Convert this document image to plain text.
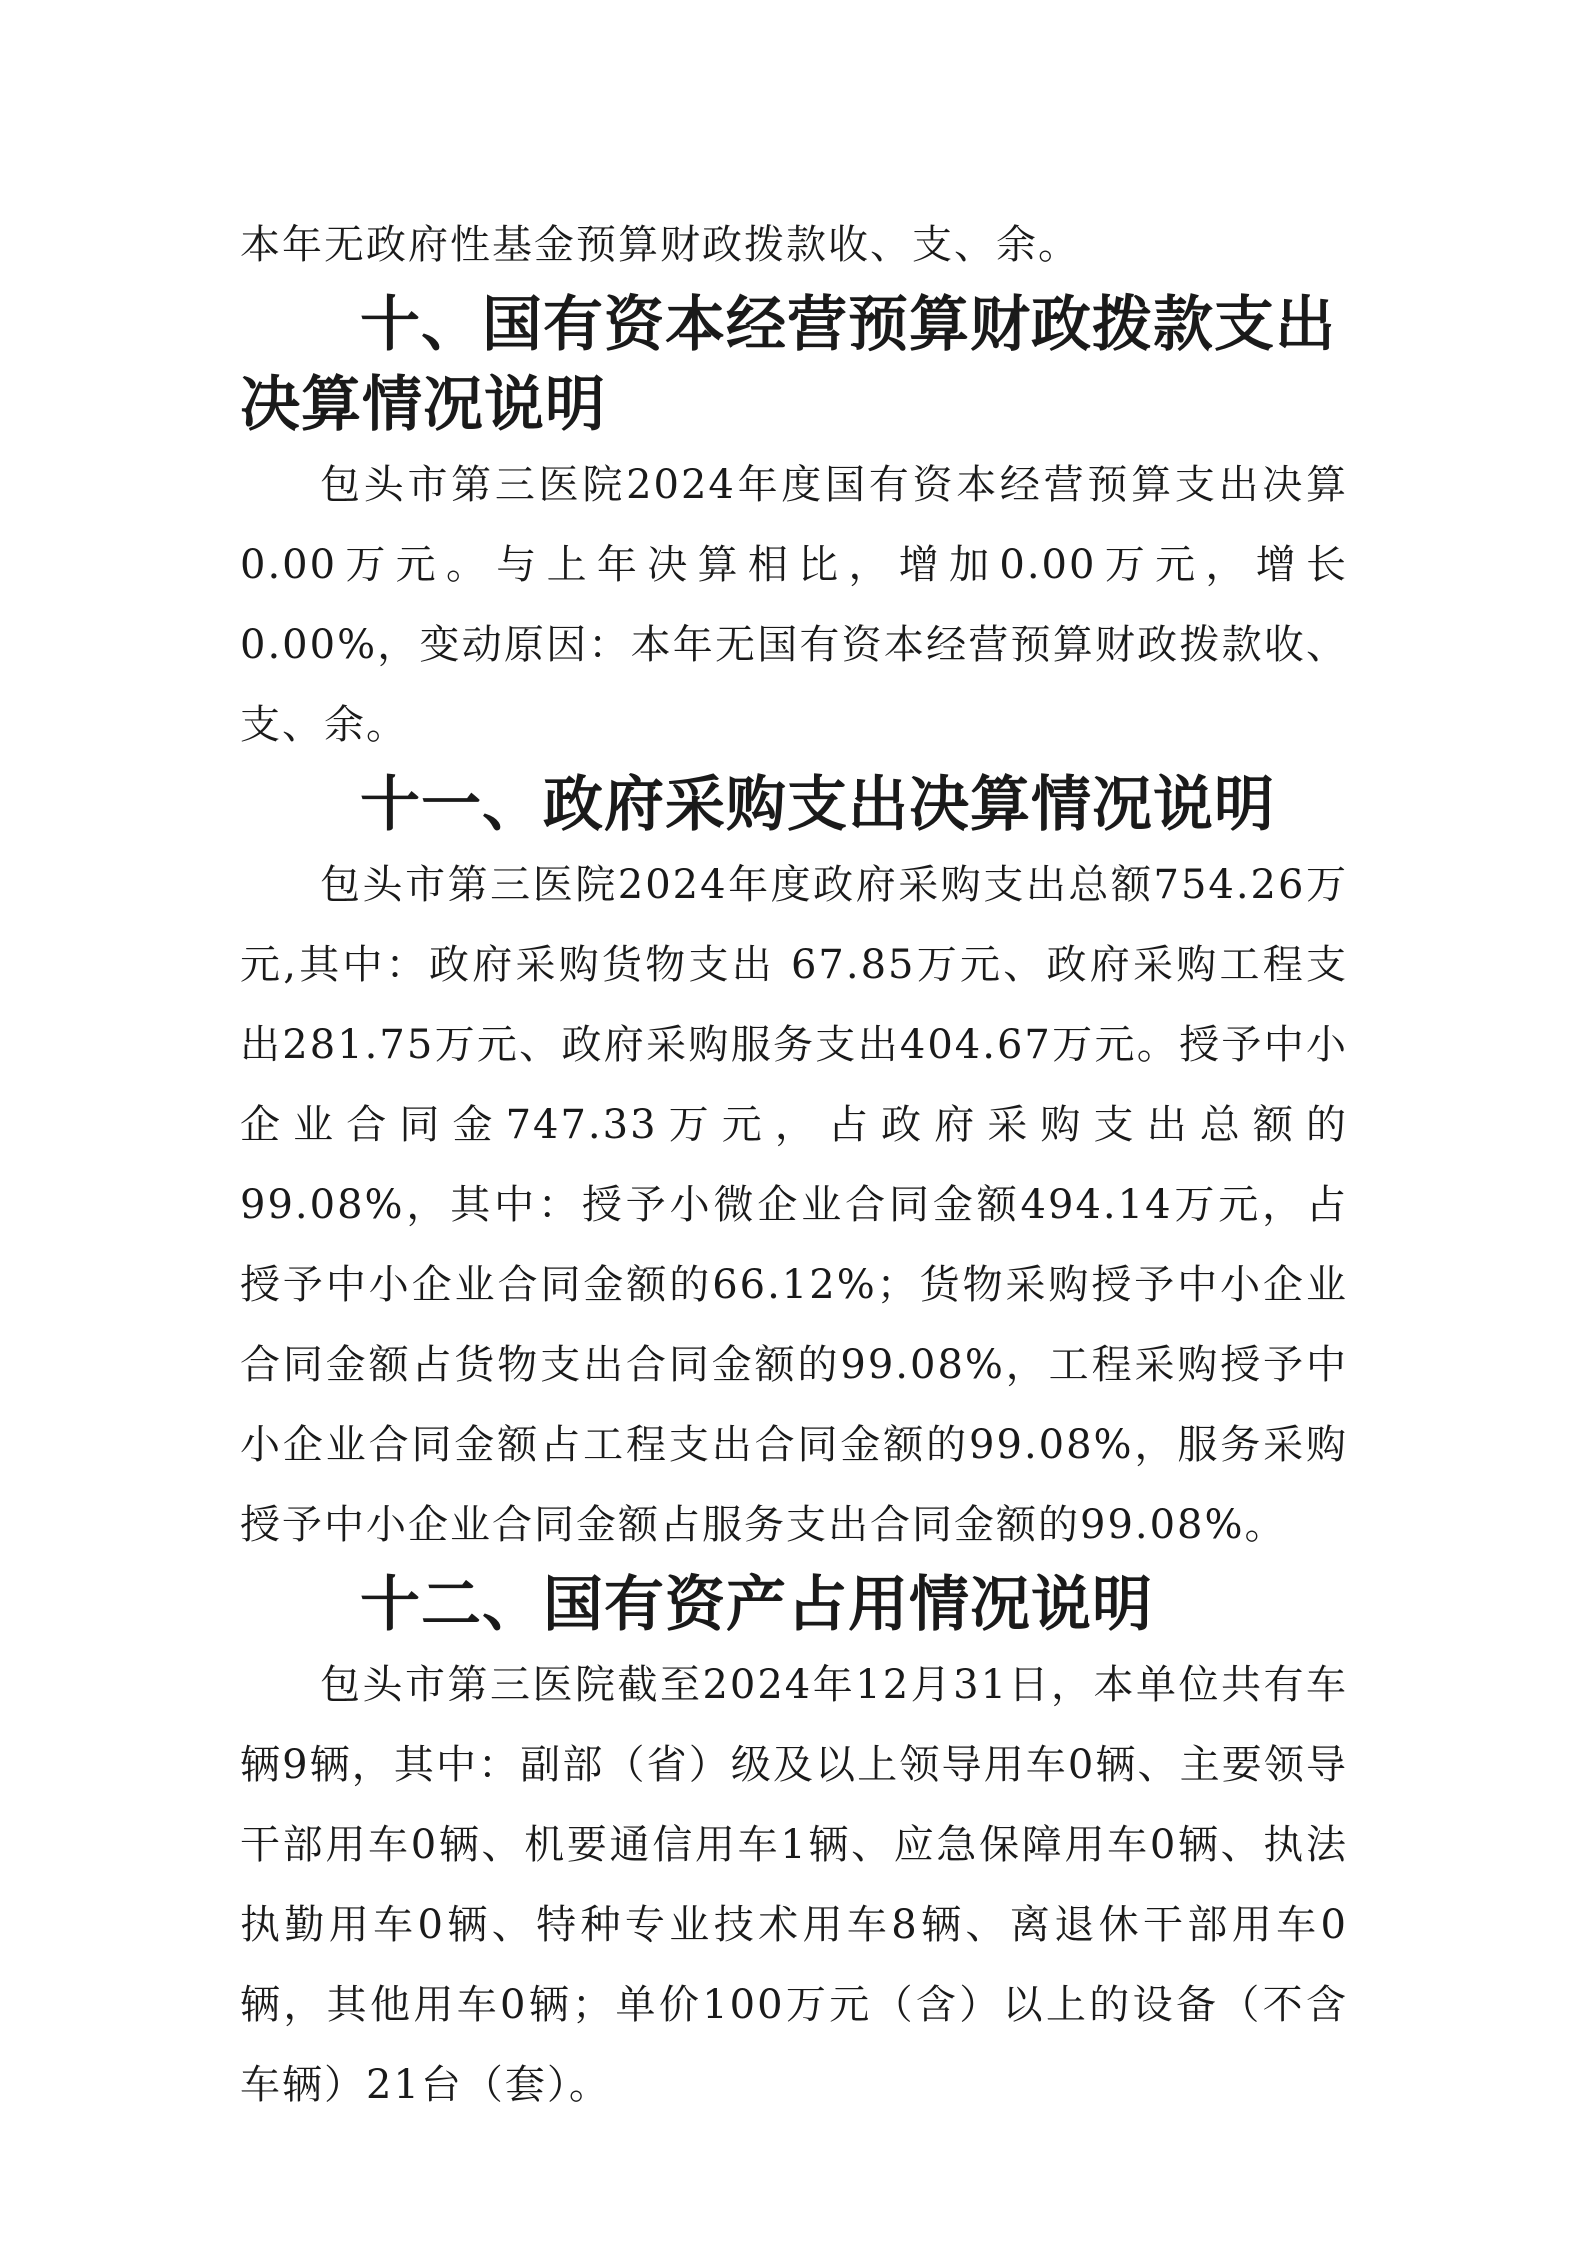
本年无政府性基金预算财政拨款收、支、余。

十、国有资本经营预算财政拨款支出决算情况说明

包头市第三医院2024年度国有资本经营预算支出决算0.00万元。与上年决算相比，增加0.00万元，增长0.00%，变动原因：本年无国有资本经营预算财政拨款收、支、余。

十一、政府采购支出决算情况说明

包头市第三医院2024年度政府采购支出总额754.26万元,其中：政府采购货物支出 67.85万元、政府采购工程支出281.75万元、政府采购服务支出404.67万元。授予中小企业合同金747.33万元，占政府采购支出总额的99.08%，其中：授予小微企业合同金额494.14万元，占授予中小企业合同金额的66.12%；货物采购授予中小企业合同金额占货物支出合同金额的99.08%，工程采购授予中小企业合同金额占工程支出合同金额的99.08%，服务采购授予中小企业合同金额占服务支出合同金额的99.08%。

十二、国有资产占用情况说明

包头市第三医院截至2024年12月31日，本单位共有车辆9辆，其中：副部（省）级及以上领导用车0辆、主要领导干部用车0辆、机要通信用车1辆、应急保障用车0辆、执法执勤用车0辆、特种专业技术用车8辆、离退休干部用车0辆，其他用车0辆；单价100万元（含）以上的设备（不含车辆）21台（套）。
